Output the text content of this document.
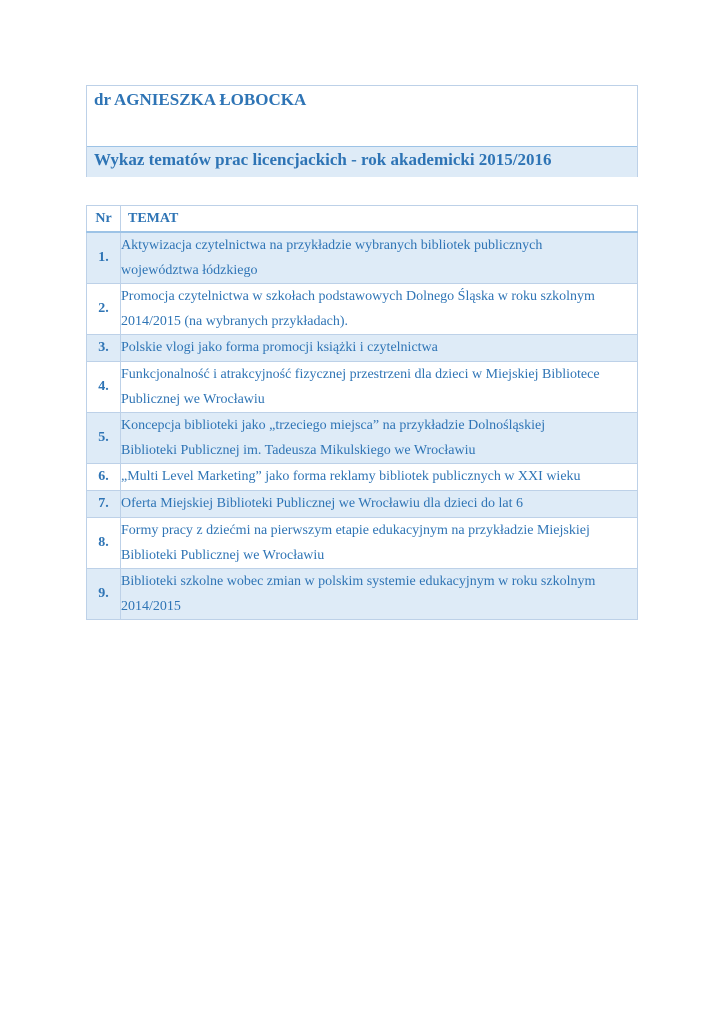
dr AGNIESZKA ŁOBOCKA
Wykaz tematów prac licencjackich - rok akademicki 2015/2016
Nr	TEMAT
1.	Aktywizacja czytelnictwa na przykładzie wybranych bibliotek publicznych
województwa łódzkiego

2.	Promocja czytelnictwa w szkołach podstawowych Dolnego Śląska w roku szkolnym
2014/2015 (na wybranych przykładach).

3.	Polskie vlogi jako forma promocji książki i czytelnictwa

4.	Funkcjonalność i atrakcyjność fizycznej przestrzeni dla dzieci w Miejskiej Bibliotece
Publicznej we Wrocławiu

5.	Koncepcja biblioteki jako „trzeciego miejsca” na przykładzie Dolnośląskiej
Biblioteki Publicznej im. Tadeusza Mikulskiego we Wrocławiu

6.	„Multi Level Marketing” jako forma reklamy bibliotek publicznych w XXI wieku

7.	Oferta Miejskiej Biblioteki Publicznej we Wrocławiu dla dzieci do lat 6

8.	Formy pracy z dziećmi na pierwszym etapie edukacyjnym na przykładzie Miejskiej
Biblioteki Publicznej we Wrocławiu

9.	Biblioteki szkolne wobec zmian w polskim systemie edukacyjnym w roku szkolnym
2014/2015
